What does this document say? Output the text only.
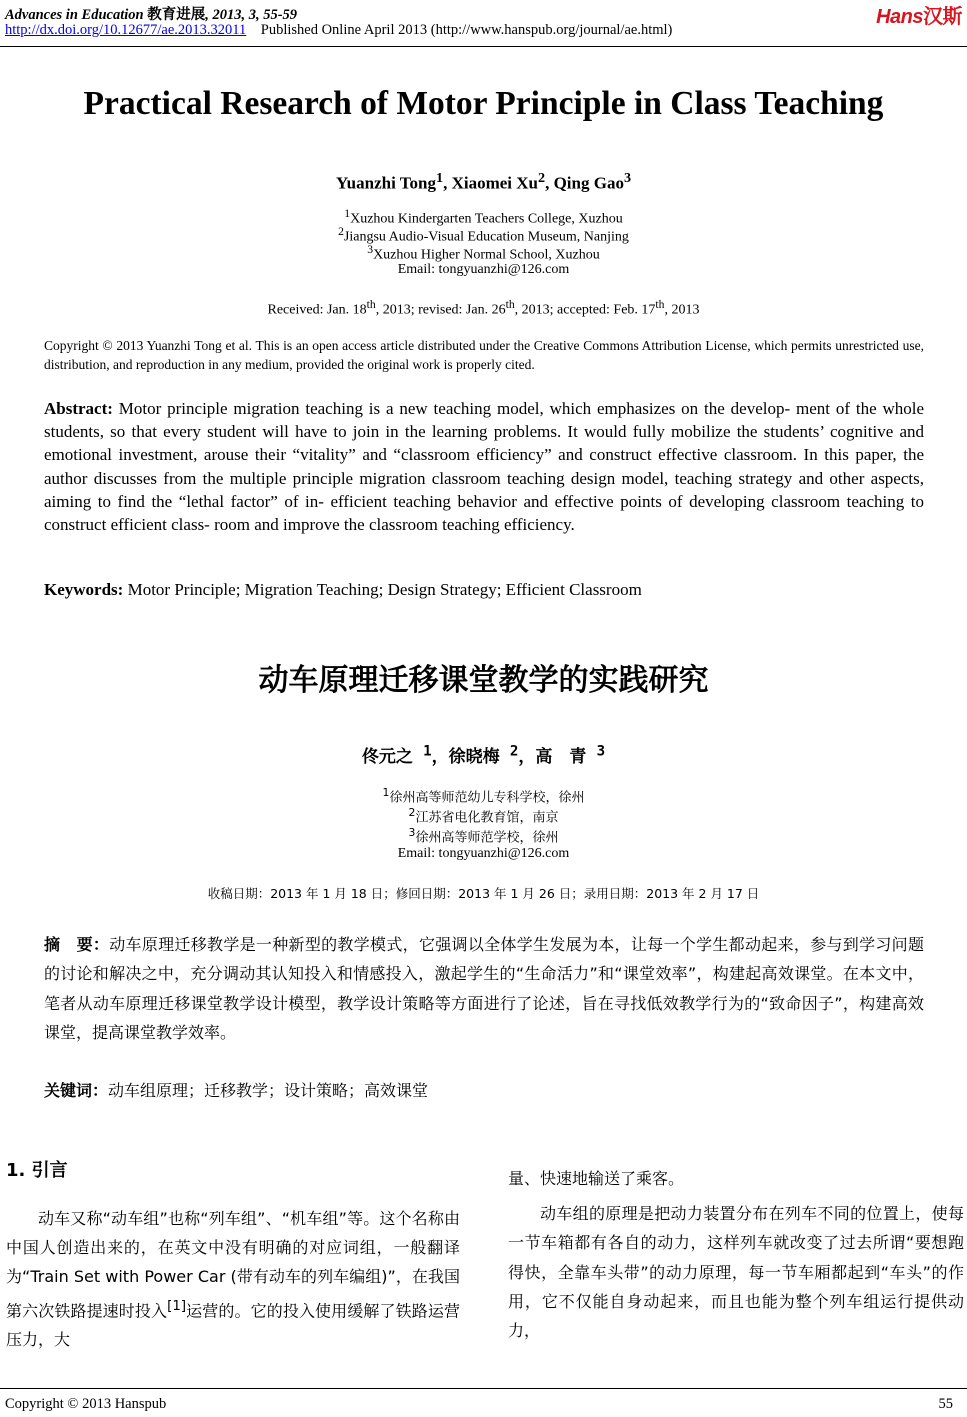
Advances in Education 教育进展, 2013, 3, 55-59
http://dx.doi.org/10.12677/ae.2013.32011 Published Online April 2013 (http://www.hanspub.org/journal/ae.html)
Hans汉斯
Practical Research of Motor Principle in Class Teaching
Yuanzhi Tong$^1$, Xiaomei Xu$^2$, Qing Gao$^3$
$^1$Xuzhou Kindergarten Teachers College, Xuzhou
$^2$Jiangsu Audio-Visual Education Museum, Nanjing
$^3$Xuzhou Higher Normal School, Xuzhou
Email: tongyuanzhi@126.com
Received: Jan. 18th, 2013; revised: Jan. 26th, 2013; accepted: Feb. 17th, 2013
Copyright © 2013 Yuanzhi Tong et al. This is an open access article distributed under the Creative Commons Attribution License, which permits unrestricted use, distribution, and reproduction in any medium, provided the original work is properly cited.
Abstract: Motor principle migration teaching is a new teaching model, which emphasizes on the develop- ment of the whole students, so that every student will have to join in the learning problems. It would fully mobilize the students’ cognitive and emotional investment, arouse their “vitality” and “classroom efficiency” and construct effective classroom. In this paper, the author discusses from the multiple principle migration classroom teaching design model, teaching strategy and other aspects, aiming to find the “lethal factor” of in- efficient teaching behavior and effective points of developing classroom teaching to construct efficient class- room and improve the classroom teaching efficiency.
Keywords: Motor Principle; Migration Teaching; Design Strategy; Efficient Classroom
动车原理迁移课堂教学的实践研究
佟元之 $^1$，徐晓梅 $^2$，高　青 $^3$
$^1$徐州高等师范幼儿专科学校，徐州
$^2$江苏省电化教育馆，南京
$^3$徐州高等师范学校，徐州
Email: tongyuanzhi@126.com
收稿日期：2013 年 1 月 18 日；修回日期：2013 年 1 月 26 日；录用日期：2013 年 2 月 17 日
摘　要：动车原理迁移教学是一种新型的教学模式，它强调以全体学生发展为本，让每一个学生都动起来，参与到学习问题的讨论和解决之中，充分调动其认知投入和情感投入，激起学生的“生命活力”和“课堂效率”，构建起高效课堂。在本文中，笔者从动车原理迁移课堂教学设计模型，教学设计策略等方面进行了论述，旨在寻找低效教学行为的“致命因子”，构建高效课堂，提高课堂教学效率。
关键词：动车组原理；迁移教学；设计策略；高效课堂
1. 引言

动车又称“动车组”也称“列车组”、“机车组”等。这个名称由中国人创造出来的，在英文中没有明确的对应词组，一般翻译为“Train Set with Power Car (带有动车的列车编组)”，在我国第六次铁路提速时投入[1]运营的。它的投入使用缓解了铁路运营压力，大

量、快速地输送了乘客。

动车组的原理是把动力装置分布在列车不同的位置上，使每一节车箱都有各自的动力，这样列车就改变了过去所谓“要想跑得快，全靠车头带”的动力原理，每一节车厢都起到“车头”的作用，它不仅能自身动起来，而且也能为整个列车组运行提供动力，

Copyright © 2013 Hanspub	55
